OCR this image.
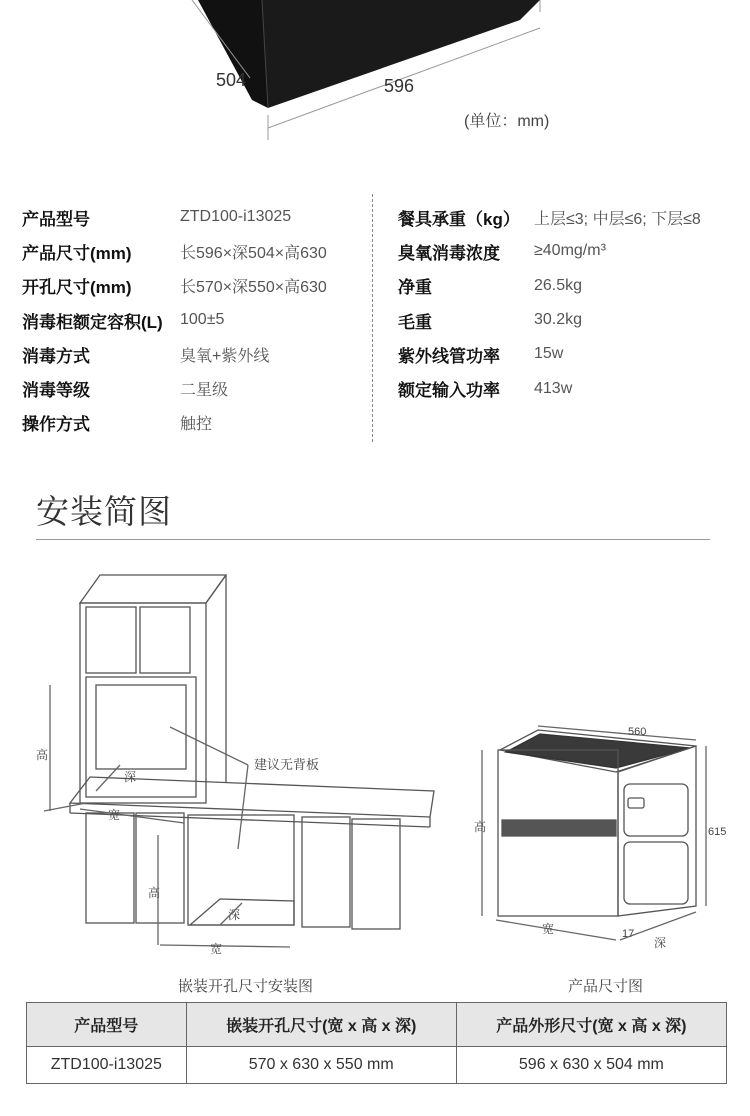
504	596
(单位：mm)
产品型号	ZTD100-i13025
产品尺寸(mm)	长596×深504×高630
开孔尺寸(mm)	长570×深550×高630
消毒柜额定容积(L) 100±5
消毒方式	臭氧+紫外线
消毒等级	二星级
操作方式	触控
餐具承重（kg） 上层≤3; 中层≤6; 下层≤8
臭氧消毒浓度 ≥40mg/m³
净重	26.5kg
毛重	30.2kg
紫外线管功率 15w
额定输入功率 413w
安装简图
高
深
宽
高
深
宽
建议无背板
嵌装开孔尺寸安装图
高
560
615
宽	17
深
产品尺寸图
产品型号	嵌装开孔尺寸(宽 x 高 x 深)	产品外形尺寸(宽 x 高 x 深)
ZTD100-i13025	570 x 630 x 550 mm	596 x 630 x 504 mm
